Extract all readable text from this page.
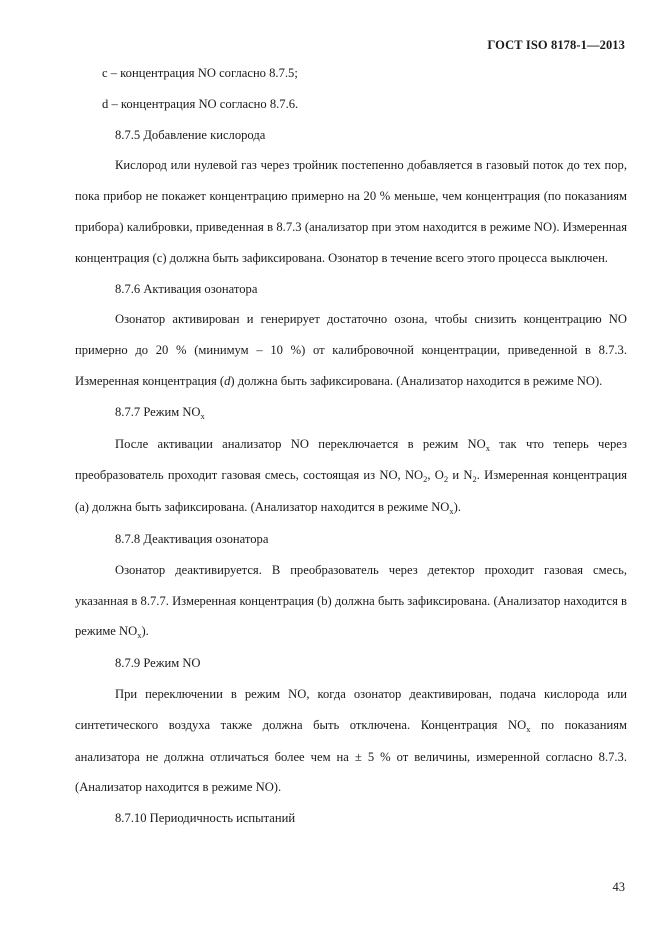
ГОСТ ISO 8178-1—2013

c – концентрация NO согласно 8.7.5;

d – концентрация NO согласно 8.7.6.

8.7.5 Добавление кислорода

Кислород или нулевой газ через тройник постепенно добавляется в газовый поток до тех пор, пока прибор не покажет концентрацию примерно на 20 % меньше, чем концентрация (по показаниям прибора) калибровки, приведенная в 8.7.3 (анализатор при этом находится в режиме NO). Измеренная концентрация (c) должна быть зафиксирована. Озонатор в течение всего этого процесса выключен.

8.7.6 Активация озонатора

Озонатор активирован и генерирует достаточно озона, чтобы снизить концентрацию NO примерно до 20 % (минимум – 10 %) от калибровочной концентрации, приведенной в 8.7.3. Измеренная концентрация (d) должна быть зафиксирована. (Анализатор находится в режиме NO).

8.7.7 Режим $NO_x$

После активации анализатор NO переключается в режим $NO_x$ так что теперь через преобразователь проходит газовая смесь, состоящая из NO, $NO_2$, $O_2$ и $N_2$. Измеренная концентрация (a) должна быть зафиксирована. (Анализатор находится в режиме $NO_x$).

8.7.8 Деактивация озонатора

Озонатор деактивируется. В преобразователь через детектор проходит газовая смесь, указанная в 8.7.7. Измеренная концентрация (b) должна быть зафиксирована. (Анализатор находится в режиме $NO_x$).

8.7.9 Режим NO

При переключении в режим NO, когда озонатор деактивирован, подача кислорода или синтетического воздуха также должна быть отключена. Концентрация $NO_x$ по показаниям анализатора не должна отличаться более чем на ± 5 % от величины, измеренной согласно 8.7.3. (Анализатор находится в режиме NO).

8.7.10 Периодичность испытаний

43
